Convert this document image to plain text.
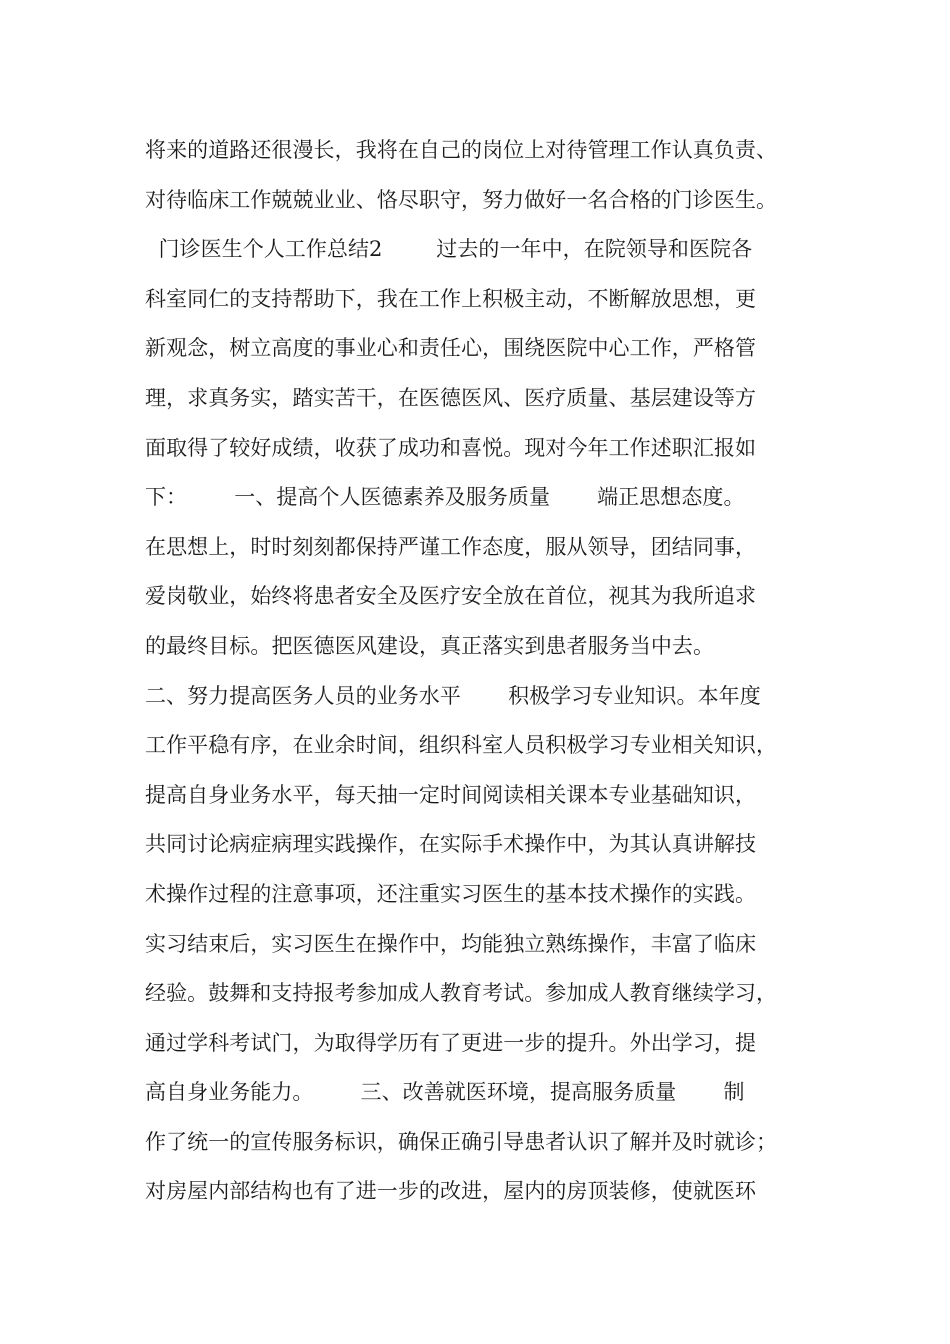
将来的道路还很漫长，我将在自己的岗位上对待管理工作认真负责、
对待临床工作兢兢业业、恪尽职守，努力做好一名合格的门诊医生。
门诊医生个人工作总结2        过去的一年中，在院领导和医院各
科室同仁的支持帮助下，我在工作上积极主动，不断解放思想，更
新观念，树立高度的事业心和责任心，围绕医院中心工作，严格管
理，求真务实，踏实苦干，在医德医风、医疗质量、基层建设等方
面取得了较好成绩，收获了成功和喜悦。现对今年工作述职汇报如
下：       一、提高个人医德素养及服务质量       端正思想态度。
在思想上，时时刻刻都保持严谨工作态度，服从领导，团结同事，
爱岗敬业，始终将患者安全及医疗安全放在首位，视其为我所追求
的最终目标。把医德医风建设，真正落实到患者服务当中去。
二、努力提高医务人员的业务水平       积极学习专业知识。本年度
工作平稳有序，在业余时间，组织科室人员积极学习专业相关知识，
提高自身业务水平，每天抽一定时间阅读相关课本专业基础知识，
共同讨论病症病理实践操作，在实际手术操作中，为其认真讲解技
术操作过程的注意事项，还注重实习医生的基本技术操作的实践。
实习结束后，实习医生在操作中，均能独立熟练操作，丰富了临床
经验。鼓舞和支持报考参加成人教育考试。参加成人教育继续学习，
通过学科考试门，为取得学历有了更进一步的提升。外出学习，提
高自身业务能力。       三、改善就医环境，提高服务质量       制
作了统一的宣传服务标识，确保正确引导患者认识了解并及时就诊；
对房屋内部结构也有了进一步的改进，屋内的房顶装修，使就医环
